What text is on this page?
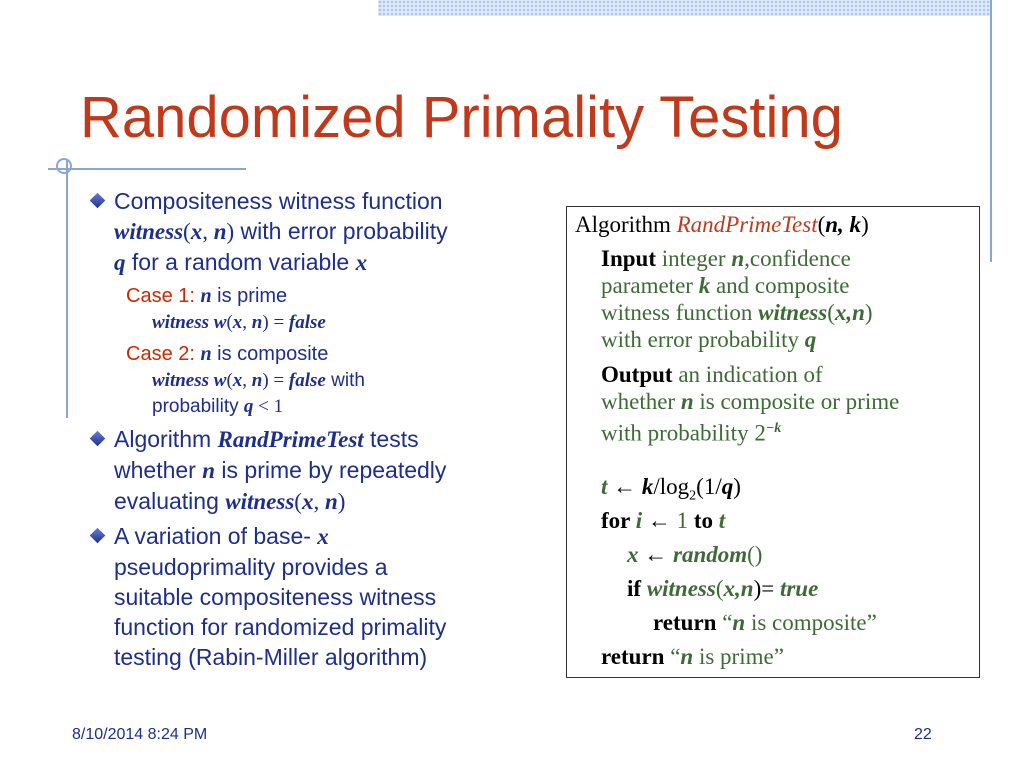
Randomized Primality Testing
Compositeness witness function
witness(x, n) with error probability
q for a random variable x
Case 1: n is prime
witness w(x, n) = false
Case 2: n is composite
witness w(x, n) = false with
probability q < 1
Algorithm RandPrimeTest tests
whether n is prime by repeatedly
evaluating witness(x, n)
A variation of base- x
pseudoprimality provides a
suitable compositeness witness
function for randomized primality
testing (Rabin-Miller algorithm)
Algorithm RandPrimeTest(n, k)
Input integer n,confidence
parameter k and composite
witness function witness(x,n)
with error probability q
Output an indication of
whether n is composite or prime
with probability $2^{-k}$
t ← $k/\log_2(1/q)$
for i ← 1 to t
x ← random()
if witness(x,n)= true
return “n is composite”
return “n is prime”
8/10/2014 8:24 PM	22
